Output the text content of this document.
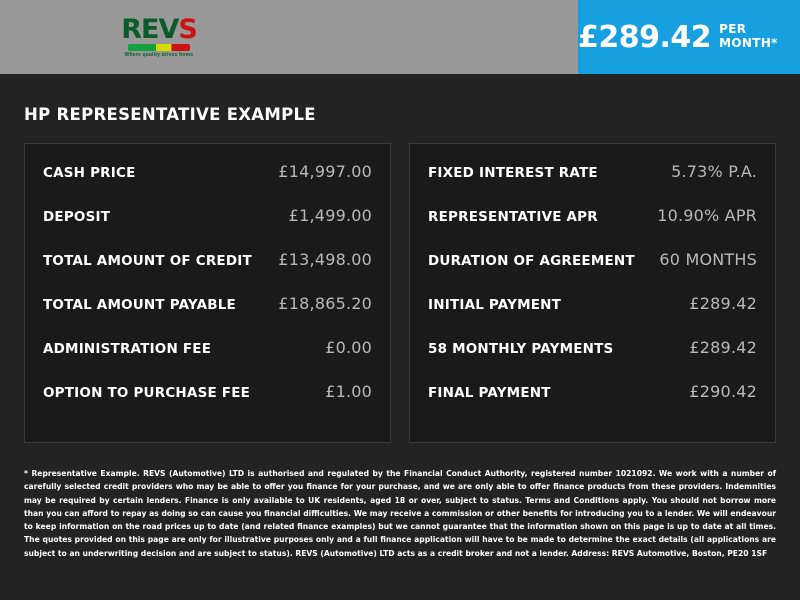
REVS
Where quality drives home
£289.42 PER MONTH*
HP REPRESENTATIVE EXAMPLE
CASH PRICE	£14,997.00
DEPOSIT	£1,499.00
TOTAL AMOUNT OF CREDIT £13,498.00
TOTAL AMOUNT PAYABLE	£18,865.20
ADMINISTRATION FEE	£0.00
OPTION TO PURCHASE FEE	£1.00
FIXED INTEREST RATE	5.73% P.A.
REPRESENTATIVE APR	10.90% APR
DURATION OF AGREEMENT 60 MONTHS
INITIAL PAYMENT	£289.42
58 MONTHLY PAYMENTS	£289.42
FINAL PAYMENT	£290.42
* Representative Example. REVS (Automotive) LTD is authorised and regulated by the Financial Conduct Authority, registered number 1021092. We work with a number of carefully selected credit providers who may be able to offer you finance for your purchase, and we are only able to offer finance products from these providers. Indemnities may be required by certain lenders. Finance is only available to UK residents, aged 18 or over, subject to status. Terms and Conditions apply. You should not borrow more than you can afford to repay as doing so can cause you financial difficulties. We may receive a commission or other benefits for introducing you to a lender. We will endeavour to keep information on the road prices up to date (and related finance examples) but we cannot guarantee that the information shown on this page is up to date at all times. The quotes provided on this page are only for illustrative purposes only and a full finance application will have to be made to determine the exact details (all applications are subject to an underwriting decision and are subject to status). REVS (Automotive) LTD acts as a credit broker and not a lender. Address: REVS Automotive, Boston, PE20 1SF
